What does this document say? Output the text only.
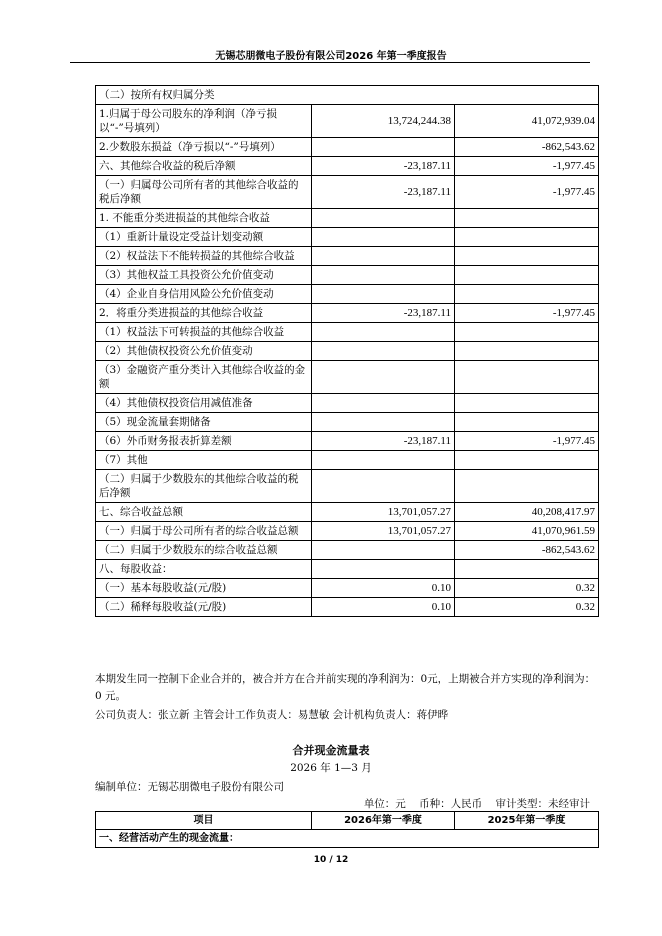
无锡芯朋微电子股份有限公司2026 年第一季度报告
（二）按所有权归属分类		
1.归属于母公司股东的净利润（净亏损以“-”号填列）	13,724,244.38	41,072,939.04
2.少数股东损益（净亏损以“-”号填列）		-862,543.62
六、其他综合收益的税后净额	-23,187.11	-1,977.45
（一）归属母公司所有者的其他综合收益的税后净额	-23,187.11	-1,977.45
1. 不能重分类进损益的其他综合收益		
（1）重新计量设定受益计划变动额		
（2）权益法下不能转损益的其他综合收益		
（3）其他权益工具投资公允价值变动		
（4）企业自身信用风险公允价值变动		
2．将重分类进损益的其他综合收益	-23,187.11	-1,977.45
（1）权益法下可转损益的其他综合收益		
（2）其他债权投资公允价值变动		
（3）金融资产重分类计入其他综合收益的金额		
（4）其他债权投资信用减值准备		
（5）现金流量套期储备		
（6）外币财务报表折算差额	-23,187.11	-1,977.45
（7）其他		
（二）归属于少数股东的其他综合收益的税后净额		
七、综合收益总额	13,701,057.27	40,208,417.97
（一）归属于母公司所有者的综合收益总额	13,701,057.27	41,070,961.59
（二）归属于少数股东的综合收益总额		-862,543.62
八、每股收益：		
（一）基本每股收益(元/股)	0.10	0.32
（二）稀释每股收益(元/股)	0.10	0.32
本期发生同一控制下企业合并的，被合并方在合并前实现的净利润为：0元，上期被合并方实现的净利润为：0 元。
公司负责人：张立新 主管会计工作负责人：易慧敏 会计机构负责人：蒋伊晔
合并现金流量表
2026 年 1—3 月
编制单位：无锡芯朋微电子股份有限公司
单位：元 币种：人民币 审计类型：未经审计
项目	2026年第一季度	2025年第一季度
一、经营活动产生的现金流量：
10 / 12
